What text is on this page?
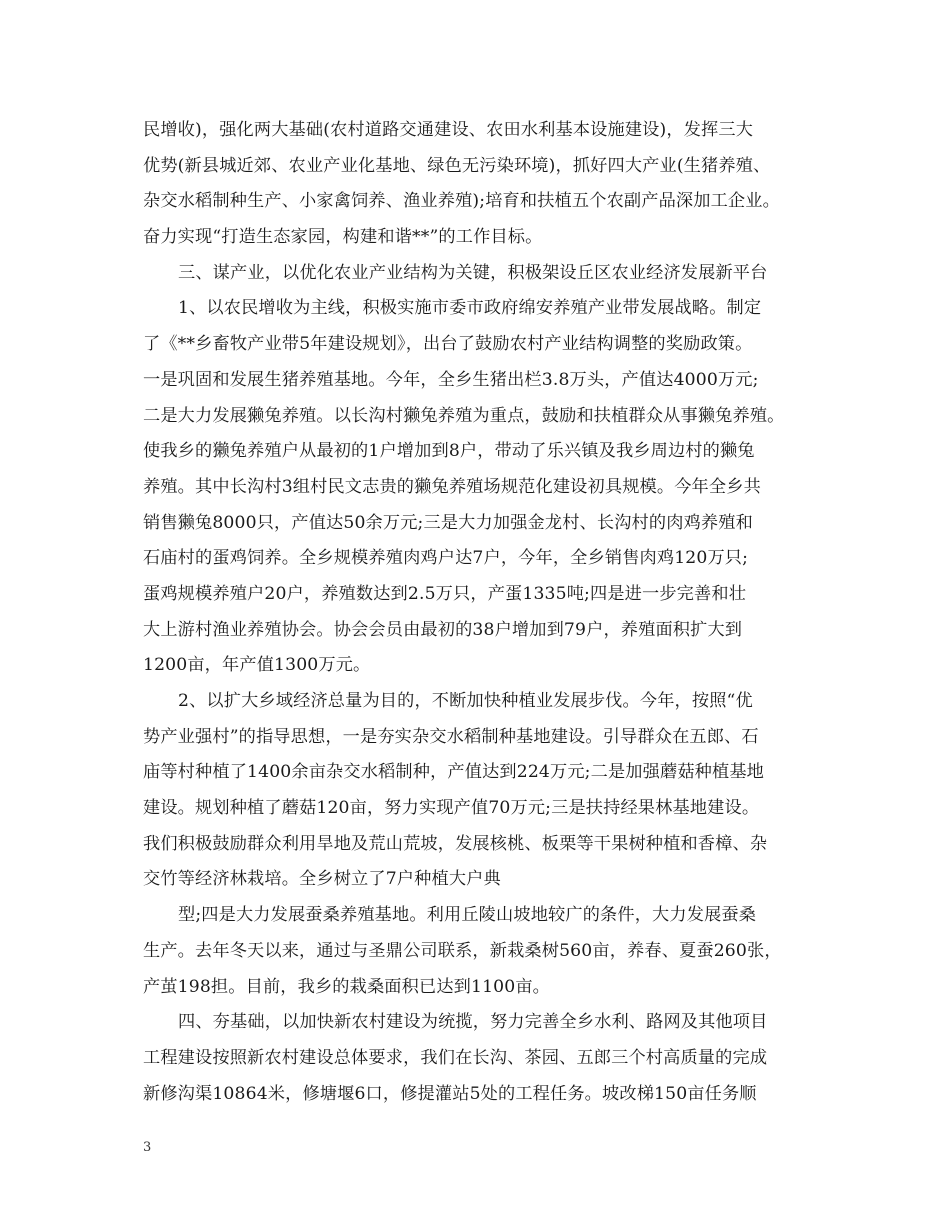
民增收)，强化两大基础(农村道路交通建设、农田水利基本设施建设)，发挥三大
优势(新县城近郊、农业产业化基地、绿色无污染环境)，抓好四大产业(生猪养殖、
杂交水稻制种生产、小家禽饲养、渔业养殖);培育和扶植五个农副产品深加工企业。
奋力实现“打造生态家园，构建和谐**”的工作目标。
三、谋产业，以优化农业产业结构为关键，积极架设丘区农业经济发展新平台
1、以农民增收为主线，积极实施市委市政府绵安养殖产业带发展战略。制定
了《**乡畜牧产业带5年建设规划》，出台了鼓励农村产业结构调整的奖励政策。
一是巩固和发展生猪养殖基地。今年，全乡生猪出栏3.8万头，产值达4000万元;
二是大力发展獭兔养殖。以长沟村獭兔养殖为重点，鼓励和扶植群众从事獭兔养殖。
使我乡的獭兔养殖户从最初的1户增加到8户，带动了乐兴镇及我乡周边村的獭兔
养殖。其中长沟村3组村民文志贵的獭兔养殖场规范化建设初具规模。今年全乡共
销售獭兔8000只，产值达50余万元;三是大力加强金龙村、长沟村的肉鸡养殖和
石庙村的蛋鸡饲养。全乡规模养殖肉鸡户达7户，今年，全乡销售肉鸡120万只;
蛋鸡规模养殖户20户，养殖数达到2.5万只，产蛋1335吨;四是进一步完善和壮
大上游村渔业养殖协会。协会会员由最初的38户增加到79户，养殖面积扩大到
1200亩，年产值1300万元。
2、以扩大乡域经济总量为目的，不断加快种植业发展步伐。今年，按照“优
势产业强村”的指导思想，一是夯实杂交水稻制种基地建设。引导群众在五郎、石
庙等村种植了1400余亩杂交水稻制种，产值达到224万元;二是加强蘑菇种植基地
建设。规划种植了蘑菇120亩，努力实现产值70万元;三是扶持经果林基地建设。
我们积极鼓励群众利用旱地及荒山荒坡，发展核桃、板栗等干果树种植和香樟、杂
交竹等经济林栽培。全乡树立了7户种植大户典
型;四是大力发展蚕桑养殖基地。利用丘陵山坡地较广的条件，大力发展蚕桑
生产。去年冬天以来，通过与圣鼎公司联系，新栽桑树560亩，养春、夏蚕260张，
产茧198担。目前，我乡的栽桑面积已达到1100亩。
四、夯基础，以加快新农村建设为统揽，努力完善全乡水利、路网及其他项目
工程建设按照新农村建设总体要求，我们在长沟、茶园、五郎三个村高质量的完成
新修沟渠10864米，修塘堰6口，修提灌站5处的工程任务。坡改梯150亩任务顺
3
